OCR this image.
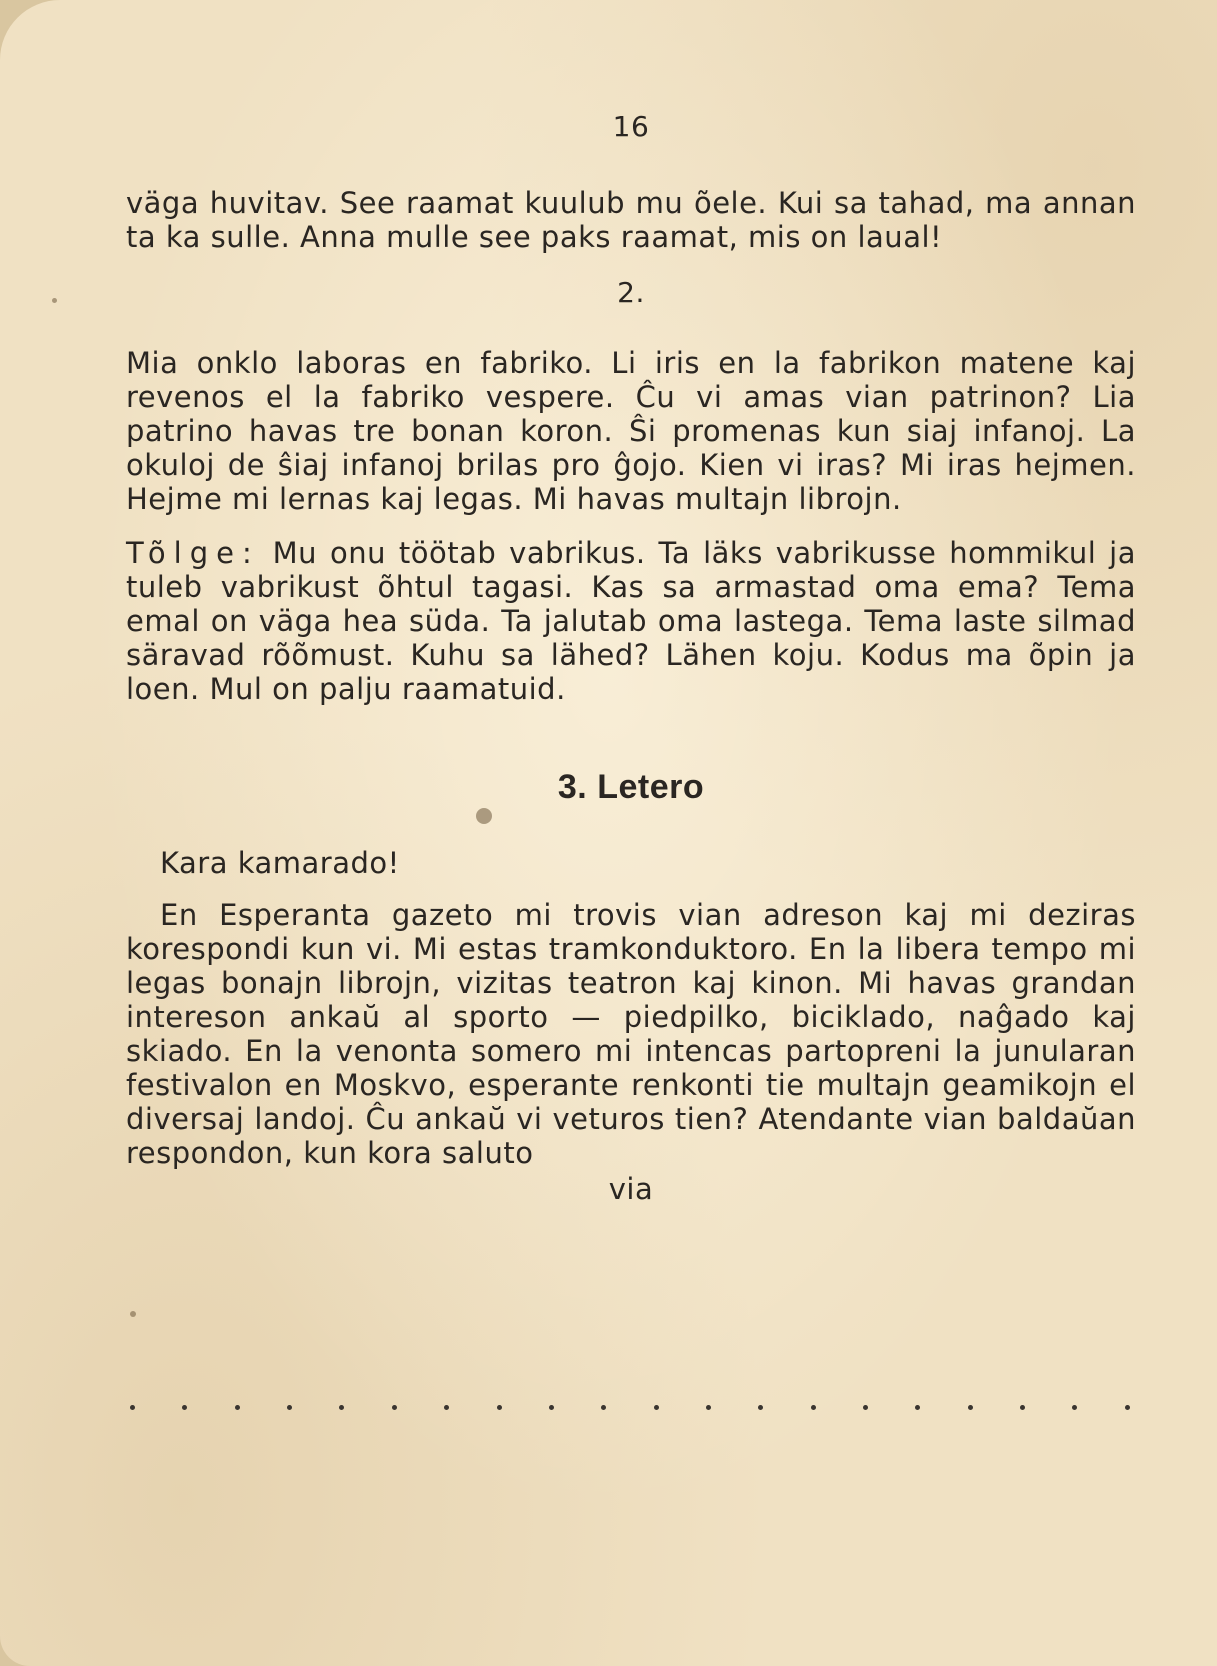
16

väga huvitav. See raamat kuulub mu õele. Kui sa tahad, ma annan ta ka sulle. Anna mulle see paks raamat, mis on laual!

2.

Mia onklo laboras en fabriko. Li iris en la fabrikon matene kaj revenos el la fabriko vespere. Ĉu vi amas vian patrinon? Lia patrino havas tre bonan koron. Ŝi promenas kun siaj infanoj. La okuloj de ŝiaj infanoj brilas pro ĝojo. Kien vi iras? Mi iras hejmen. Hejme mi lernas kaj legas. Mi havas multajn librojn.

Tõlge: Mu onu töötab vabrikus. Ta läks vabrikusse hommikul ja tuleb vabrikust õhtul tagasi. Kas sa armastad oma ema? Tema emal on väga hea süda. Ta jalutab oma lastega. Tema laste silmad säravad rõõmust. Kuhu sa lähed? Lähen koju. Kodus ma õpin ja loen. Mul on palju raamatuid.

3. Letero
Kara kamarado!

En Esperanta gazeto mi trovis vian adreson kaj mi deziras korespondi kun vi. Mi estas tramkonduktoro. En la libera tempo mi legas bonajn librojn, vizitas teatron kaj kinon. Mi havas grandan intereson ankaŭ al sporto — piedpilko, biciklado, naĝado kaj skiado. En la venonta somero mi intencas partopreni la junularan festivalon en Moskvo, esperante renkonti tie multajn geamikojn el diversaj landoj. Ĉu ankaŭ vi veturos tien? Atendante vian baldaŭan respondon, kun kora saluto

via
